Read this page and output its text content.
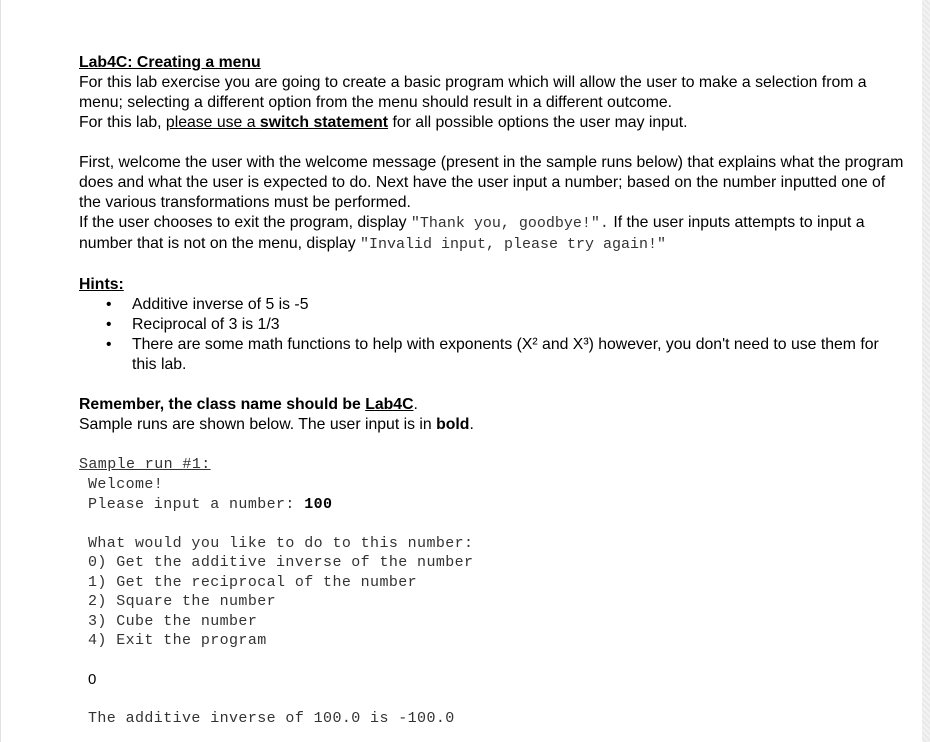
Lab4C: Creating a menu

For this lab exercise you are going to create a basic program which will allow the user to make a selection from a menu; selecting a different option from the menu should result in a different outcome.

For this lab, please use a switch statement for all possible options the user may input.

First, welcome the user with the welcome message (present in the sample runs below) that explains what the program does and what the user is expected to do. Next have the user input a number; based on the number inputted one of the various transformations must be performed.

If the user chooses to exit the program, display "Thank you, goodbye!". If the user inputs attempts to input a number that is not on the menu, display "Invalid input, please try again!"

Hints:

• Additive inverse of 5 is -5
• Reciprocal of 3 is 1/3
• There are some math functions to help with exponents (X² and X³) however, you don't need to use them for this lab.

Remember, the class name should be Lab4C.

Sample runs are shown below. The user input is in bold.

Sample run #1:

Welcome!
Please input a number: 100
What would you like to do to this number:
0) Get the additive inverse of the number
1) Get the reciprocal of the number
2) Square the number
3) Cube the number
4) Exit the program
0
The additive inverse of 100.0 is -100.0
